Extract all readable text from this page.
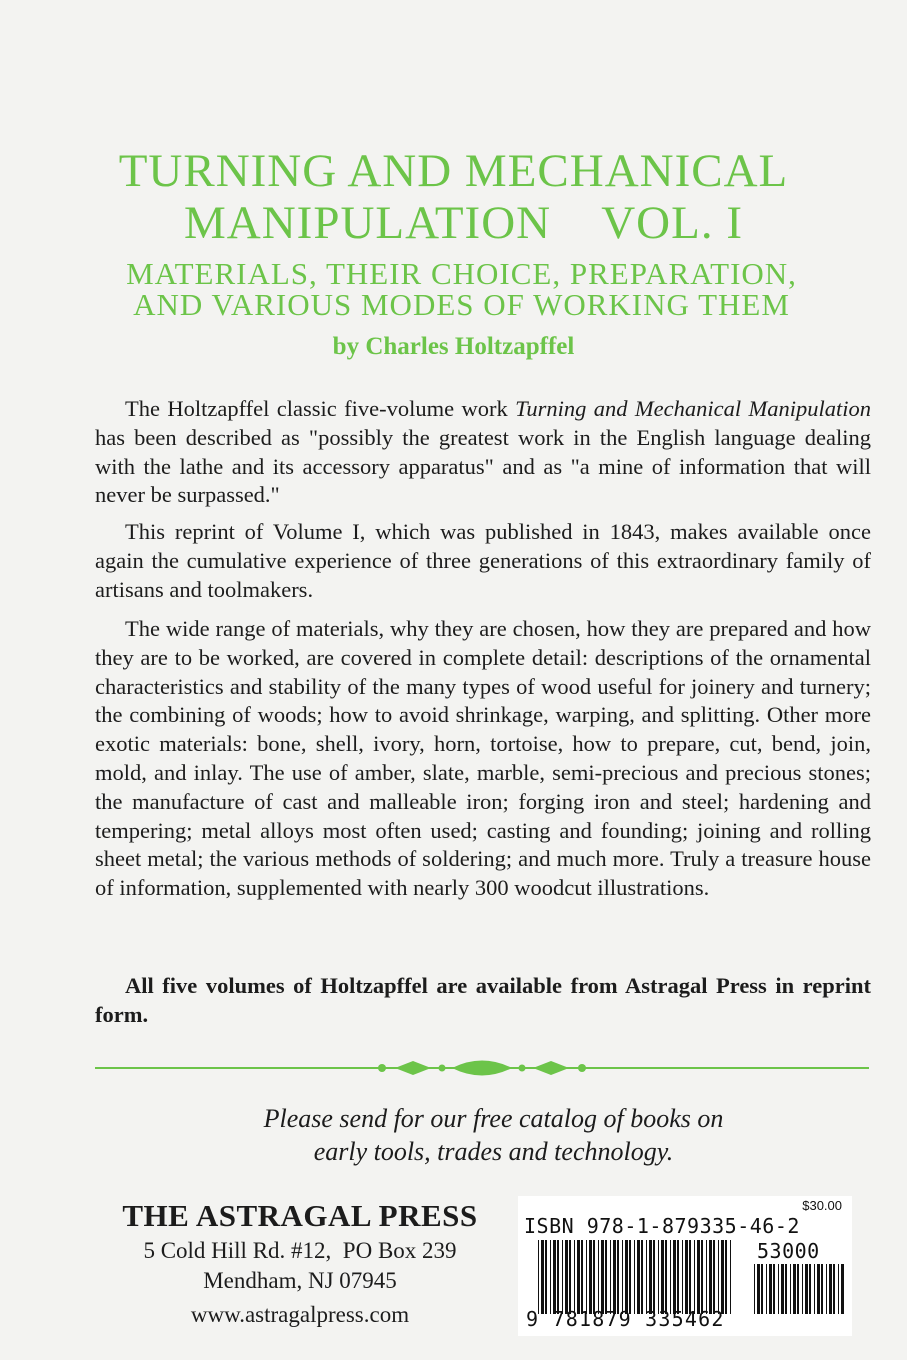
TURNING AND MECHANICAL
MANIPULATION    VOL. I
MATERIALS, THEIR CHOICE, PREPARATION,
AND VARIOUS MODES OF WORKING THEM
by Charles Holtzapffel

The Holtzapffel classic five-volume work Turning and Mechanical Manipulation has been described as "possibly the greatest work in the English language dealing with the lathe and its accessory apparatus" and as "a mine of information that will never be surpassed."

This reprint of Volume I, which was published in 1843, makes available once again the cumulative experience of three generations of this extraordinary family of artisans and toolmakers.

The wide range of materials, why they are chosen, how they are prepared and how they are to be worked, are covered in complete detail: descriptions of the ornamental characteristics and stability of the many types of wood useful for joinery and turnery; the combining of woods; how to avoid shrinkage, warping, and splitting. Other more exotic materials: bone, shell, ivory, horn, tortoise, how to prepare, cut, bend, join, mold, and inlay. The use of amber, slate, marble, semi-precious and precious stones; the manufacture of cast and malleable iron; forging iron and steel; hardening and tempering; metal alloys most often used; casting and founding; joining and rolling sheet metal; the various methods of soldering; and much more. Truly a treasure house of information, supplemented with nearly 300 woodcut illustrations.

All five volumes of Holtzapffel are available from Astragal Press in reprint form.

Please send for our free catalog of books on
early tools, trades and technology.
THE ASTRAGAL PRESS
5 Cold Hill Rd. #12,  PO Box 239
Mendham, NJ 07945
www.astragalpress.com
$30.00
ISBN 978-1-879335-46-2
53000
9 781879 335462
